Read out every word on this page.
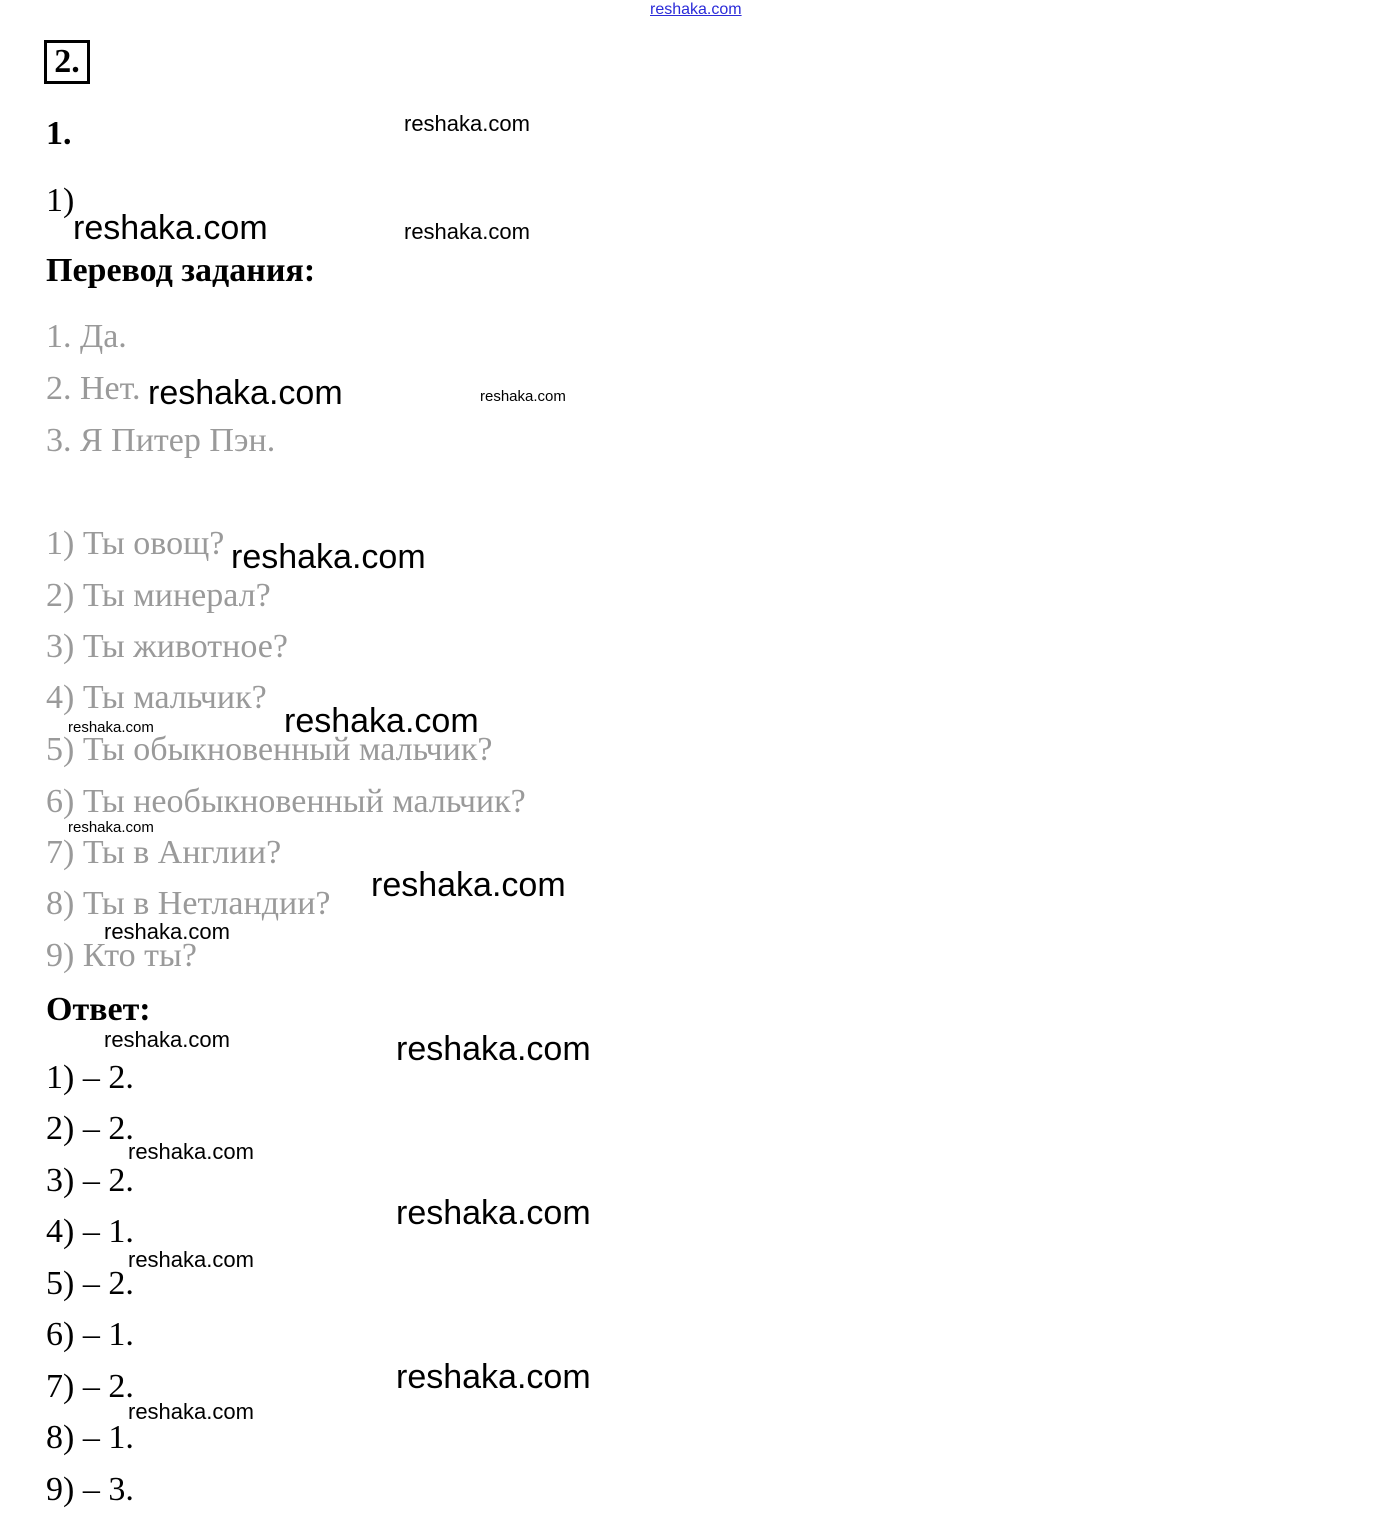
reshaka.com
2.
1.
1)
Перевод задания:
1. Да.
2. Нет.
3. Я Питер Пэн.
1) Ты овощ?
2) Ты минерал?
3) Ты животное?
4) Ты мальчик?
5) Ты обыкновенный мальчик?
6) Ты необыкновенный мальчик?
7) Ты в Англии?
8) Ты в Нетландии?
9) Кто ты?
Ответ:
1) – 2.
2) – 2.
3) – 2.
4) – 1.
5) – 2.
6) – 1.
7) – 2.
8) – 1.
9) – 3.
reshaka.com
reshaka.com	reshaka.com
reshaka.com	reshaka.com
reshaka.com
reshaka.com
reshaka.com
reshaka.com
reshaka.com
reshaka.com
reshaka.com	reshaka.com
reshaka.com
reshaka.com
reshaka.com
reshaka.com
reshaka.com
